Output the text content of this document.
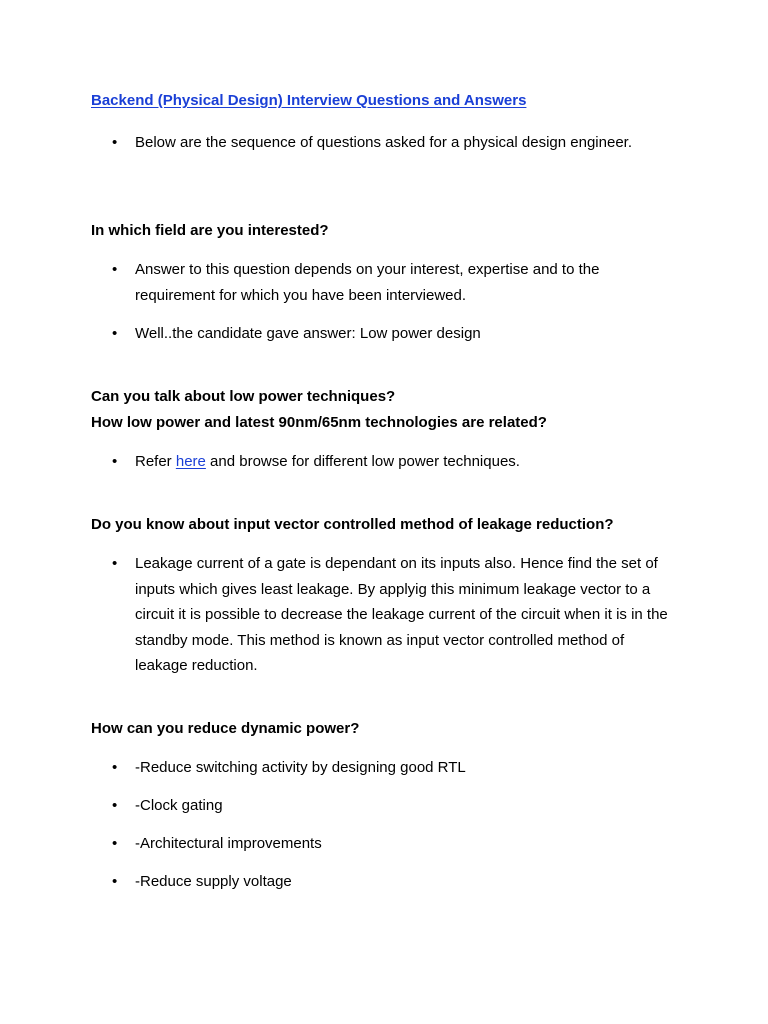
Backend (Physical Design) Interview Questions and Answers
•	Below are the sequence of questions asked for a physical design engineer.
In which field are you interested?
•	Answer to this question depends on your interest, expertise and to the requirement for which you have been interviewed.
•	Well..the candidate gave answer: Low power design
Can you talk about low power techniques?
How low power and latest 90nm/65nm technologies are related?
•	Refer here and browse for different low power techniques.
Do you know about input vector controlled method of leakage reduction?
•	Leakage current of a gate is dependant on its inputs also. Hence find the set of inputs which gives least leakage. By applyig this minimum leakage vector to a circuit it is possible to decrease the leakage current of the circuit when it is in the standby mode. This method is known as input vector controlled method of leakage reduction.
How can you reduce dynamic power?
•	-Reduce switching activity by designing good RTL
•	-Clock gating
•	-Architectural improvements
•	-Reduce supply voltage
